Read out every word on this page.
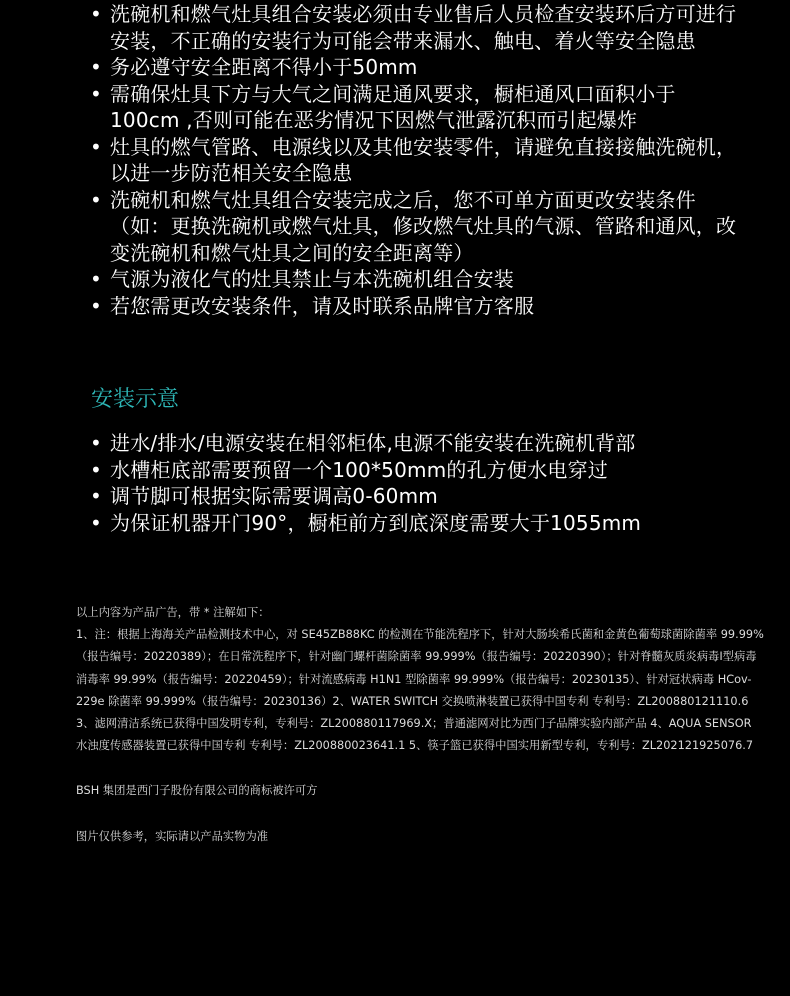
• 洗碗机和燃气灶具组合安装必须由专业售后人员检查安装环后方可进行安装，不正确的安装行为可能会带来漏水、触电、着火等安全隐患
• 务必遵守安全距离不得小于50mm
• 需确保灶具下方与大气之间满足通风要求，橱柜通风口面积小于100cm ,否则可能在恶劣情况下因燃气泄露沉积而引起爆炸
• 灶具的燃气管路、电源线以及其他安装零件，请避免直接接触洗碗机，以进一步防范相关安全隐患
• 洗碗机和燃气灶具组合安装完成之后，您不可单方面更改安装条件（如：更换洗碗机或燃气灶具，修改燃气灶具的气源、管路和通风，改变洗碗机和燃气灶具之间的安全距离等）
• 气源为液化气的灶具禁止与本洗碗机组合安装
• 若您需更改安装条件，请及时联系品牌官方客服
安装示意
• 进水/排水/电源安装在相邻柜体,电源不能安装在洗碗机背部
• 水槽柜底部需要预留一个100*50mm的孔方便水电穿过
• 调节脚可根据实际需要调高0-60mm
• 为保证机器开门90°，橱柜前方到底深度需要大于1055mm

以上内容为产品广告，带 * 注解如下：

1、注：根据上海海关产品检测技术中心，对 SE45ZB88KC 的检测在节能洗程序下，针对大肠埃希氏菌和金黄色葡萄球菌除菌率 99.99%（报告编号：20220389）；在日常洗程序下，针对幽门螺杆菌除菌率 99.999%（报告编号：20220390）；针对脊髓灰质炎病毒I型病毒消毒率 99.99%（报告编号：20220459）；针对流感病毒 H1N1 型除菌率 99.999%（报告编号：20230135）、针对冠状病毒 HCov-229e 除菌率 99.999%（报告编号：20230136）2、WATER SWITCH 交换喷淋装置已获得中国专利 专利号：ZL200880121110.6 3、滤网清洁系统已获得中国发明专利，专利号：ZL200880117969.X；普通滤网对比为西门子品牌实验内部产品 4、AQUA SENSOR 水浊度传感器装置已获得中国专利 专利号：ZL200880023641.1 5、筷子篮已获得中国实用新型专利，专利号：ZL202121925076.7

BSH 集团是西门子股份有限公司的商标被许可方

图片仅供参考，实际请以产品实物为准
